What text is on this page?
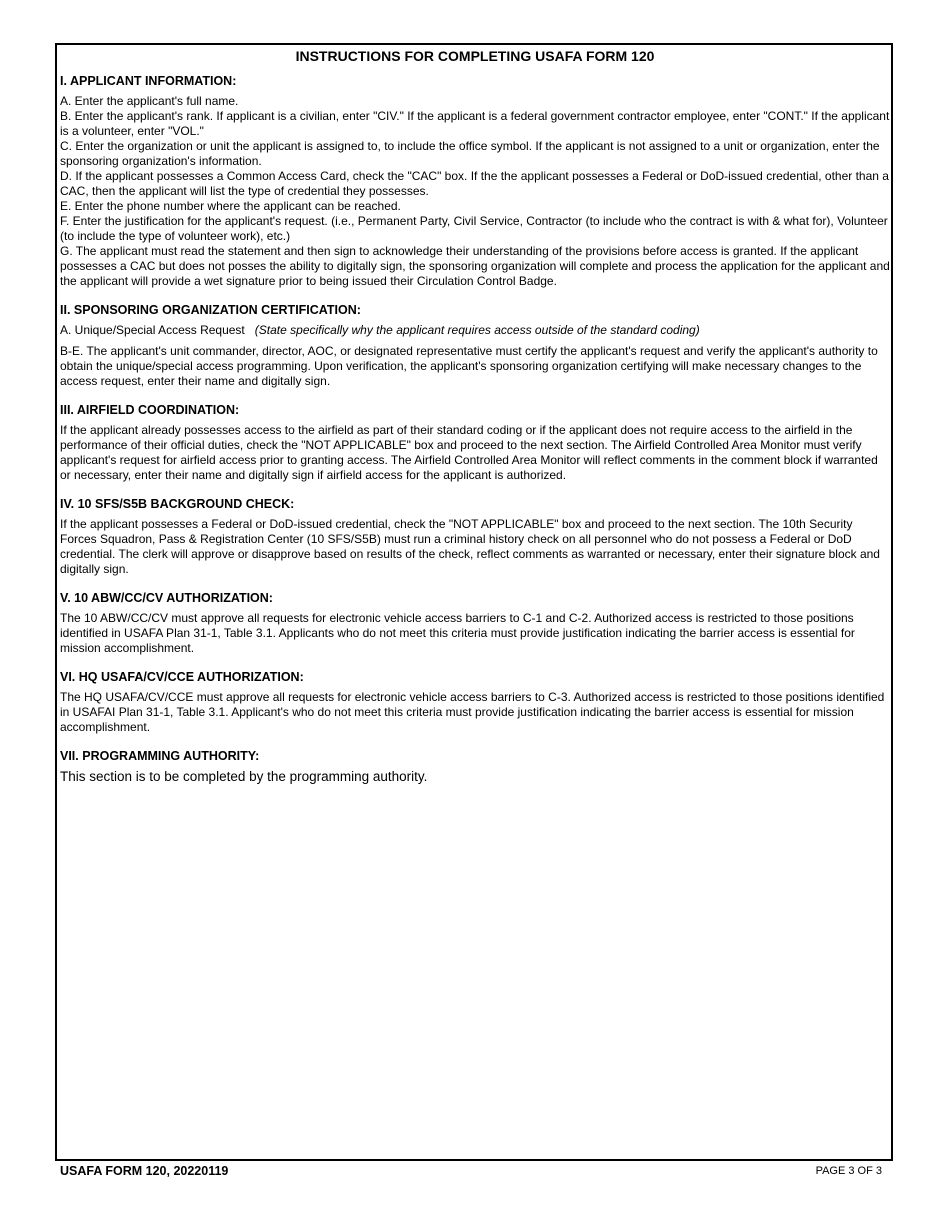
INSTRUCTIONS FOR COMPLETING USAFA FORM 120
I. APPLICANT INFORMATION:

A. Enter the applicant's full name.

B. Enter the applicant's rank. If applicant is a civilian, enter "CIV." If the applicant is a federal government contractor employee, enter "CONT." If the applicant is a volunteer, enter "VOL."

C. Enter the organization or unit the applicant is assigned to, to include the office symbol. If the applicant is not assigned to a unit or organization, enter the sponsoring organization's information.

D. If the applicant possesses a Common Access Card, check the "CAC" box. If the the applicant possesses a Federal or DoD-issued credential, other than a CAC, then the applicant will list the type of credential they possesses.

E. Enter the phone number where the applicant can be reached.

F. Enter the justification for the applicant's request. (i.e., Permanent Party, Civil Service, Contractor (to include who the contract is with & what for), Volunteer (to include the type of volunteer work), etc.)

G. The applicant must read the statement and then sign to acknowledge their understanding of the provisions before access is granted. If the applicant possesses a CAC but does not posses the ability to digitally sign, the sponsoring organization will complete and process the application for the applicant and the applicant will provide a wet signature prior to being issued their Circulation Control Badge.

II. SPONSORING ORGANIZATION CERTIFICATION:

A. Unique/Special Access Request (State specifically why the applicant requires access outside of the standard coding)

B-E. The applicant's unit commander, director, AOC, or designated representative must certify the applicant's request and verify the applicant's authority to obtain the unique/special access programming. Upon verification, the applicant's sponsoring organization certifying will make necessary changes to the access request, enter their name and digitally sign.

III. AIRFIELD COORDINATION:

If the applicant already possesses access to the airfield as part of their standard coding or if the applicant does not require access to the airfield in the performance of their official duties, check the "NOT APPLICABLE" box and proceed to the next section. The Airfield Controlled Area Monitor must verify applicant's request for airfield access prior to granting access. The Airfield Controlled Area Monitor will reflect comments in the comment block if warranted or necessary, enter their name and digitally sign if airfield access for the applicant is authorized.

IV. 10 SFS/S5B BACKGROUND CHECK:

If the applicant possesses a Federal or DoD-issued credential, check the "NOT APPLICABLE" box and proceed to the next section. The 10th Security Forces Squadron, Pass & Registration Center (10 SFS/S5B) must run a criminal history check on all personnel who do not possess a Federal or DoD credential. The clerk will approve or disapprove based on results of the check, reflect comments as warranted or necessary, enter their signature block and digitally sign.

V. 10 ABW/CC/CV AUTHORIZATION:

The 10 ABW/CC/CV must approve all requests for electronic vehicle access barriers to C-1 and C-2. Authorized access is restricted to those positions identified in USAFA Plan 31-1, Table 3.1. Applicants who do not meet this criteria must provide justification indicating the barrier access is essential for mission accomplishment.

VI. HQ USAFA/CV/CCE AUTHORIZATION:

The HQ USAFA/CV/CCE must approve all requests for electronic vehicle access barriers to C-3. Authorized access is restricted to those positions identified in USAFAI Plan 31-1, Table 3.1. Applicant's who do not meet this criteria must provide justification indicating the barrier access is essential for mission accomplishment.

VII. PROGRAMMING AUTHORITY:

This section is to be completed by the programming authority.

USAFA FORM 120, 20220119	PAGE 3 OF 3
